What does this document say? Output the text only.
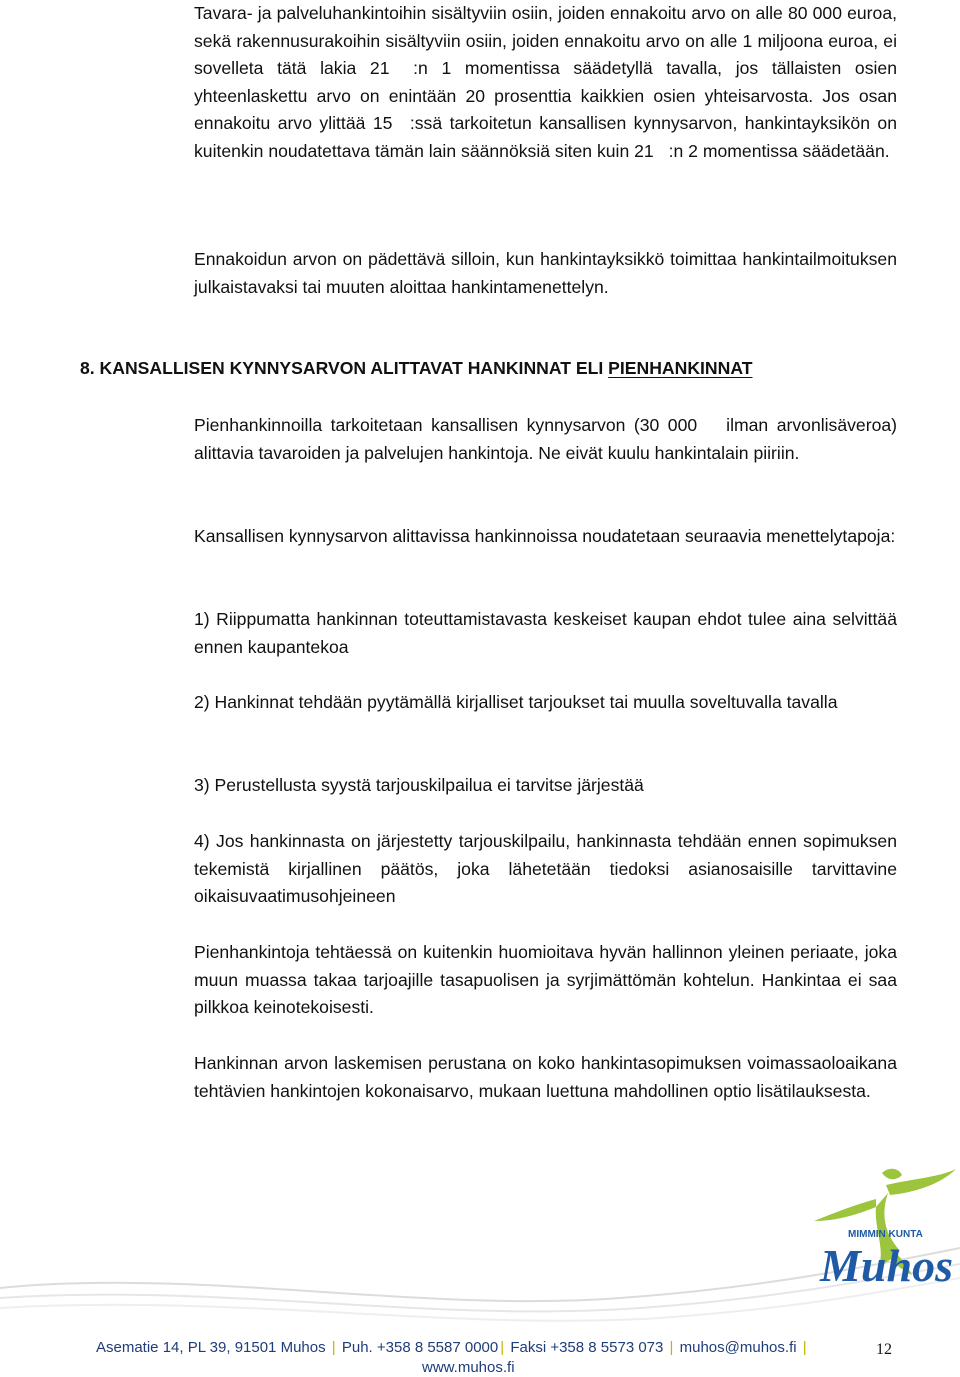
Tavara- ja palveluhankintoihin sisältyviin osiin, joiden ennakoitu arvo on alle 80 000 euroa, sekä rakennusurakoihin sisältyviin osiin, joiden ennakoitu arvo on alle 1 miljoona euroa, ei sovelleta tätä lakia 21 :n 1 momentissa säädetyllä tavalla, jos tällaisten osien yhteenlaskettu arvo on enintään 20 prosenttia kaikkien osien yhteisarvosta. Jos osan ennakoitu arvo ylittää 15 :ssä tarkoitetun kansallisen kynnysarvon, hankintayksikön on kuitenkin noudatettava tämän lain säännöksiä siten kuin 21 :n 2 momentissa säädetään.

Ennakoidun arvon on pädettävä silloin, kun hankintayksikkö toimittaa hankintailmoituksen julkaistavaksi tai muuten aloittaa hankintamenettelyn.

Pienhankinnoilla tarkoitetaan kansallisen kynnysarvon (30 000 ilman arvonlisäveroa) alittavia tavaroiden ja palvelujen hankintoja. Ne eivät kuulu hankintalain piiriin.

Kansallisen kynnysarvon alittavissa hankinnoissa noudatetaan seuraavia menettelytapoja:

1) Riippumatta hankinnan toteuttamistavasta keskeiset kaupan ehdot tulee aina selvittää ennen kaupantekoa

2) Hankinnat tehdään pyytämällä kirjalliset tarjoukset tai muulla soveltuvalla tavalla

3) Perustellusta syystä tarjouskilpailua ei tarvitse järjestää

4) Jos hankinnasta on järjestetty tarjouskilpailu, hankinnasta tehdään ennen sopimuksen tekemistä kirjallinen päätös, joka lähetetään tiedoksi asianosaisille tarvittavine oikaisuvaatimusohjeineen

Pienhankintoja tehtäessä on kuitenkin huomioitava hyvän hallinnon yleinen periaate, joka muun muassa takaa tarjoajille tasapuolisen ja syrjimättömän kohtelun. Hankintaa ei saa pilkkoa keinotekoisesti.

Hankinnan arvon laskemisen perustana on koko hankintasopimuksen voimassaoloaikana tehtävien hankintojen kokonaisarvo, mukaan luettuna mahdollinen optio lisätilauksesta.

8. KANSALLISEN KYNNYSARVON ALITTAVAT HANKINNAT ELI PIENHANKINNAT
MIMMIN KUNTA
Muhos
Asematie 14, PL 39, 91501 Muhos | Puh. +358 8 5587 0000 | Faksi +358 8 5573 073 | muhos@muhos.fi |
www.muhos.fi
12
